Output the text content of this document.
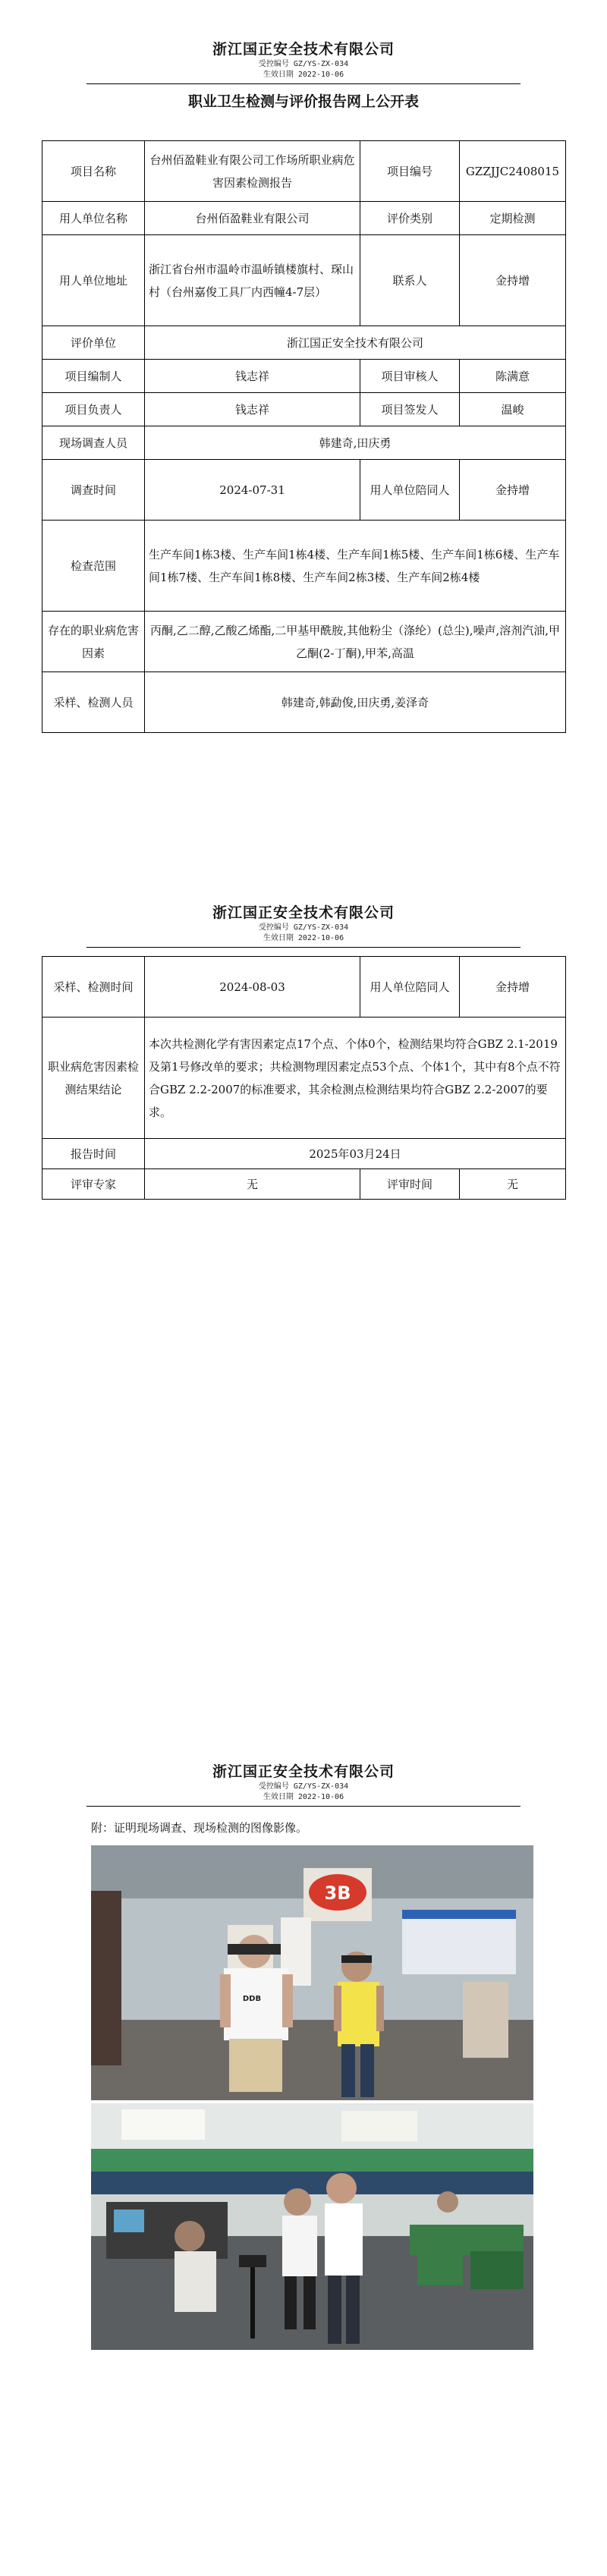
浙江国正安全技术有限公司
受控编号 GZ/YS-ZX-034
生效日期 2022-10-06
职业卫生检测与评价报告网上公开表
项目名称	台州佰盈鞋业有限公司工作场所职业病危害因素检测报告	项目编号	GZZJJC2408015
用人单位名称	台州佰盈鞋业有限公司	评价类别	定期检测
用人单位地址	浙江省台州市温岭市温峤镇楼旗村、琛山村（台州嘉俊工具厂内西幢4-7层）	联系人	金持增
评价单位	浙江国正安全技术有限公司		
项目编制人	钱志祥	项目审核人	陈满意
项目负责人	钱志祥	项目签发人	温峻
现场调查人员	韩建奇,田庆勇		
调查时间	2024-07-31	用人单位陪同人	金持增
检查范围	生产车间1栋3楼、生产车间1栋4楼、生产车间1栋5楼、生产车间1栋6楼、生产车间1栋7楼、生产车间1栋8楼、生产车间2栋3楼、生产车间2栋4楼		
存在的职业病危害因素	丙酮,乙二醇,乙酸乙烯酯,二甲基甲酰胺,其他粉尘（涤纶）(总尘),噪声,溶剂汽油,甲乙酮(2-丁酮),甲苯,高温		
采样、检测人员	韩建奇,韩勐俊,田庆勇,姜泽奇		
浙江国正安全技术有限公司
受控编号 GZ/YS-ZX-034
生效日期 2022-10-06
采样、检测时间	2024-08-03	用人单位陪同人	金持增
职业病危害因素检测结果结论	本次共检测化学有害因素定点17个点、个体0个，检测结果均符合GBZ 2.1-2019及第1号修改单的要求；共检测物理因素定点53个点、个体1个，其中有8个点不符合GBZ 2.2-2007的标准要求，其余检测点检测结果均符合GBZ 2.2-2007的要求。		
报告时间	2025年03月24日		
评审专家	无	评审时间	无
浙江国正安全技术有限公司
受控编号 GZ/YS-ZX-034
生效日期 2022-10-06
附：证明现场调查、现场检测的图像影像。
3B
DDB
